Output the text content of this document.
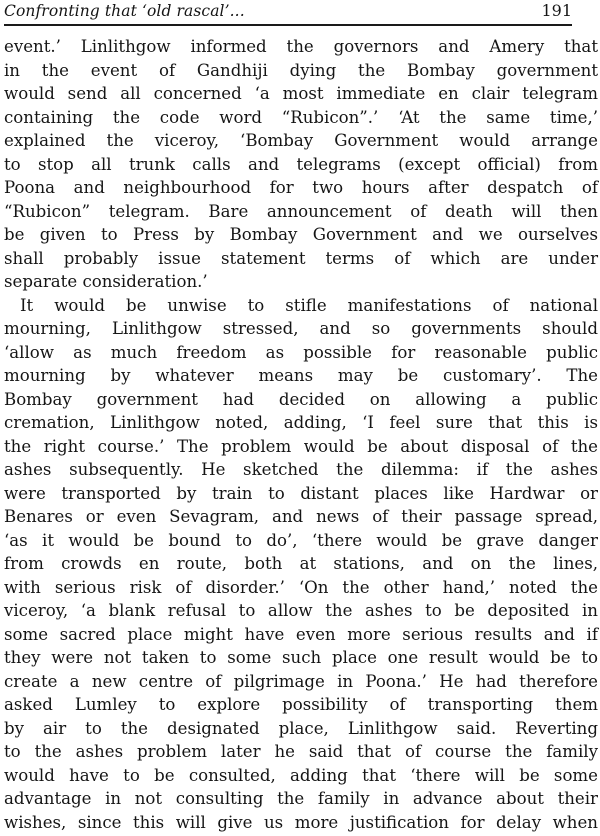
Confronting that ‘old rascal’...	191
event.’ Linlithgow informed the governors and Amery that
in the event of Gandhiji dying the Bombay government
would send all concerned ‘a most immediate en clair telegram
containing the code word “Rubicon”.’ ‘At the same time,’
explained the viceroy, ‘Bombay Government would arrange
to stop all trunk calls and telegrams (except official) from
Poona and neighbourhood for two hours after despatch of
“Rubicon” telegram. Bare announcement of death will then
be given to Press by Bombay Government and we ourselves
shall probably issue statement terms of which are under
separate consideration.’
It would be unwise to stifle manifestations of national
mourning, Linlithgow stressed, and so governments should
‘allow as much freedom as possible for reasonable public
mourning by whatever means may be customary’. The
Bombay government had decided on allowing a public
cremation, Linlithgow noted, adding, ‘I feel sure that this is
the right course.’ The problem would be about disposal of the
ashes subsequently. He sketched the dilemma: if the ashes
were transported by train to distant places like Hardwar or
Benares or even Sevagram, and news of their passage spread,
‘as it would be bound to do’, ‘there would be grave danger
from crowds en route, both at stations, and on the lines,
with serious risk of disorder.’ ‘On the other hand,’ noted the
viceroy, ‘a blank refusal to allow the ashes to be deposited in
some sacred place might have even more serious results and if
they were not taken to some such place one result would be to
create a new centre of pilgrimage in Poona.’ He had therefore
asked Lumley to explore possibility of transporting them
by air to the designated place, Linlithgow said. Reverting
to the ashes problem later he said that of course the family
would have to be consulted, adding that ‘there will be some
advantage in not consulting the family in advance about their
wishes, since this will give us more justification for delay when
